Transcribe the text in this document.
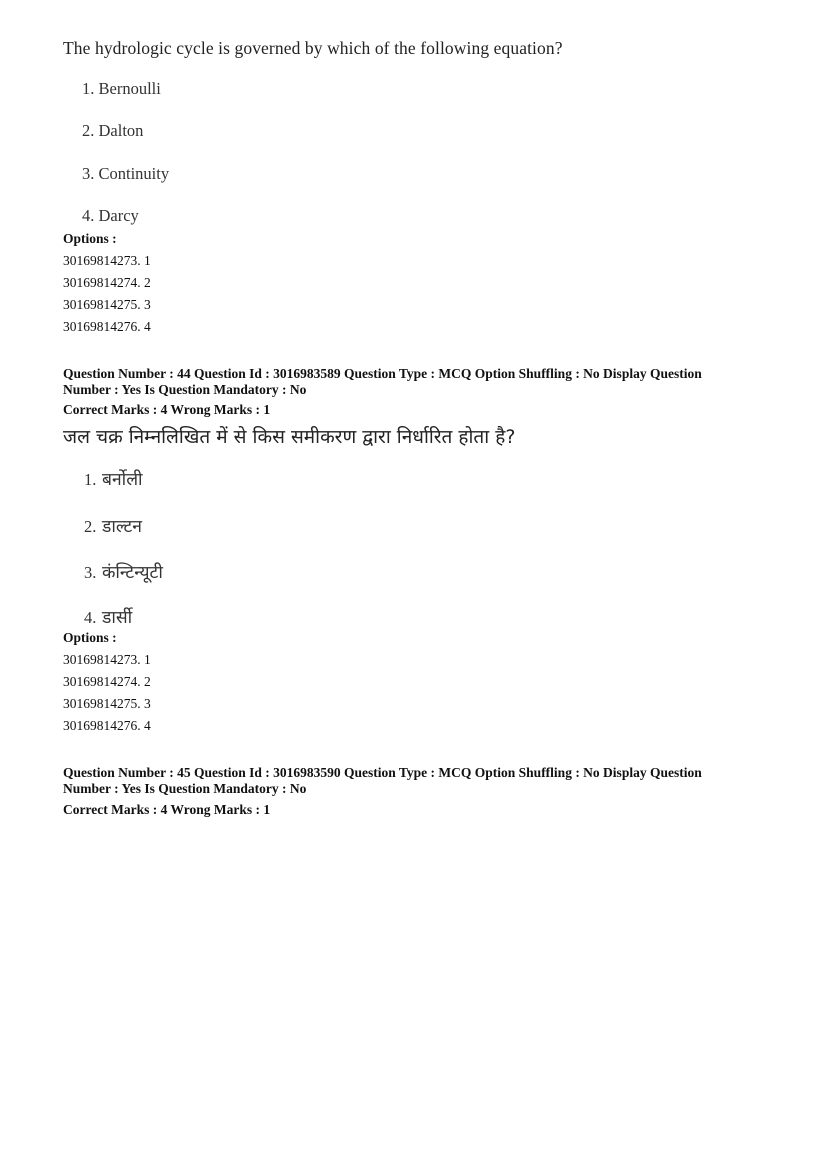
The hydrologic cycle is governed by which of the following equation?
1. Bernoulli
2. Dalton
3. Continuity
4. Darcy
Options :
30169814273. 1
30169814274. 2
30169814275. 3
30169814276. 4
Question Number : 44 Question Id : 3016983589 Question Type : MCQ Option Shuffling : No Display Question
Number : Yes Is Question Mandatory : No
Correct Marks : 4 Wrong Marks : 1
जल चक्र निम्नलिखित में से किस समीकरण द्वारा निर्धारित होता है?
1. बर्नोली
2. डाल्टन
3. कंन्टिन्यूटी
4. डार्सी
Options :
30169814273. 1
30169814274. 2
30169814275. 3
30169814276. 4
Question Number : 45 Question Id : 3016983590 Question Type : MCQ Option Shuffling : No Display Question
Number : Yes Is Question Mandatory : No
Correct Marks : 4 Wrong Marks : 1
